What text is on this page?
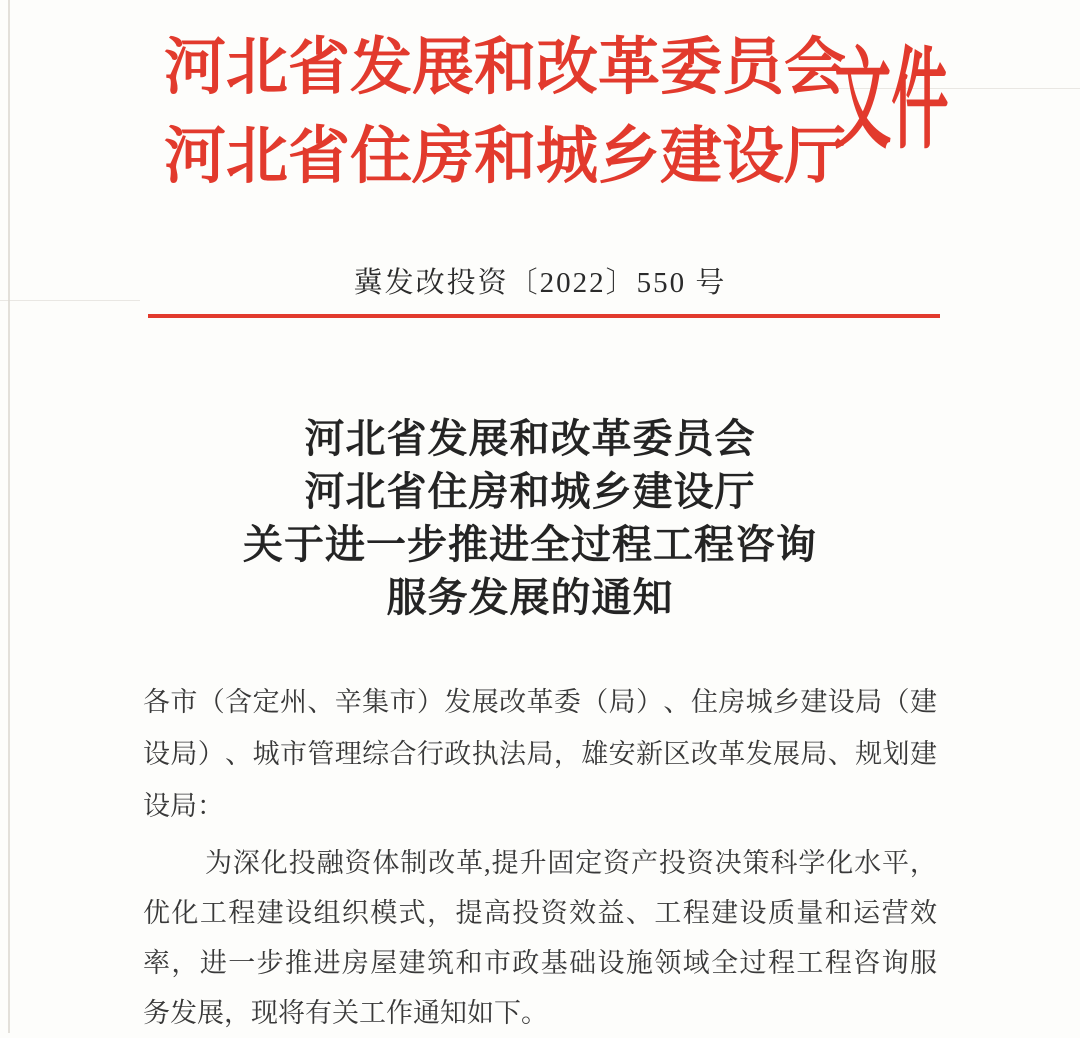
河北省发展和改革委员会
河北省住房和城乡建设厅
文件
冀发改投资〔2022〕550 号
河北省发展和改革委员会
河北省住房和城乡建设厅
关于进一步推进全过程工程咨询
服务发展的通知
各 市 （ 含 定 州 、 辛 集 市 ） 发 展 改 革 委 （ 局 ） 、 住 房 城 乡 建 设 局 （ 建
设 局 ） 、 城 市 管 理 综 合 行 政 执 法 局 ， 雄 安 新 区 改 革 发 展 局 、 规 划 建
设局：
为 深 化 投 融 资 体 制 改 革 , 提 升 固 定 资 产 投 资 决 策 科 学 化 水 平 ，
优 化 工 程 建 设 组 织 模 式 ， 提 高 投 资 效 益 、 工 程 建 设 质 量 和 运 营 效
率 ， 进 一 步 推 进 房 屋 建 筑 和 市 政 基 础 设 施 领 域 全 过 程 工 程 咨 询 服
务发展，现将有关工作通知如下。
